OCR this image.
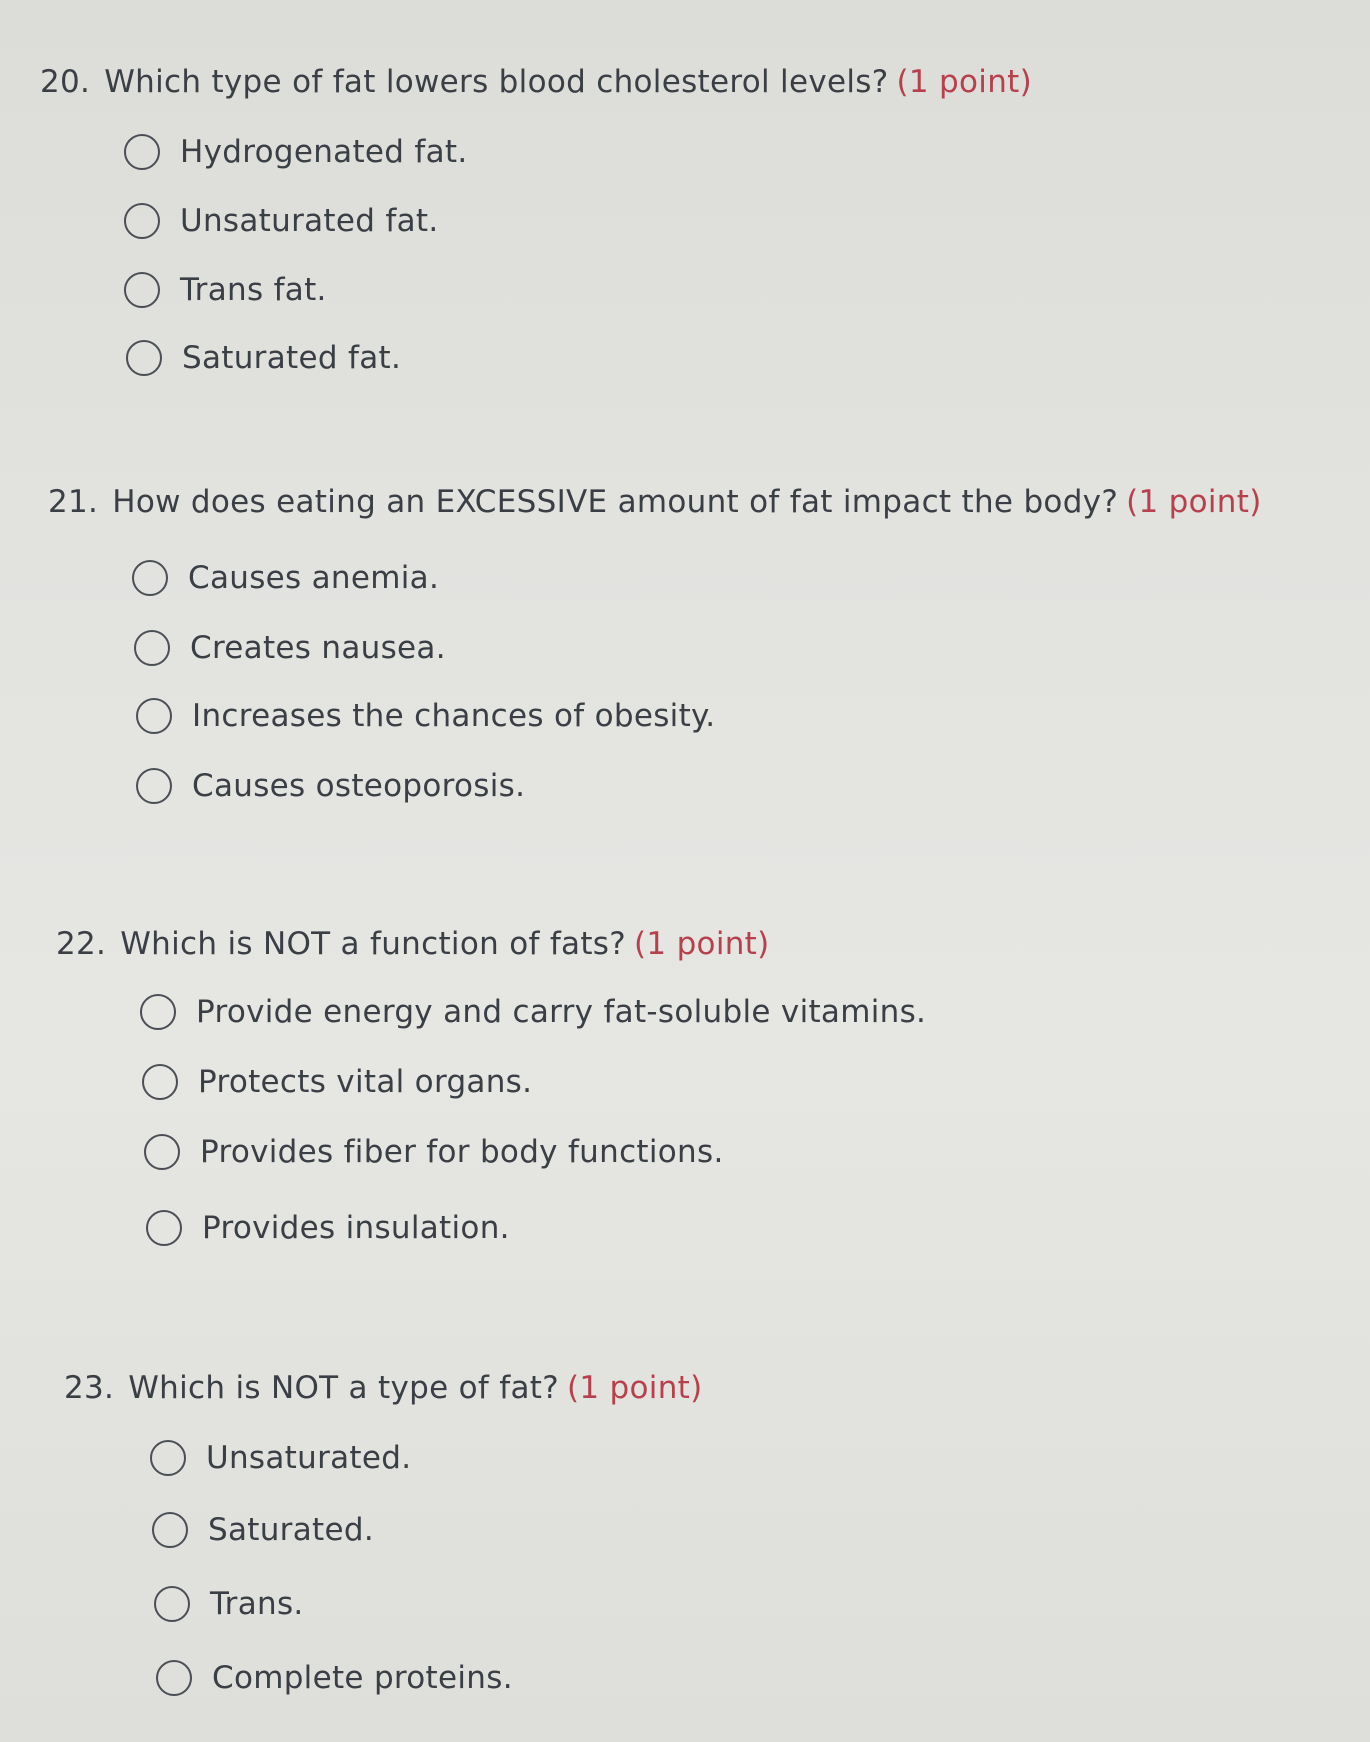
20. Which type of fat lowers blood cholesterol levels? (1 point)
Hydrogenated fat.
Unsaturated fat.
Trans fat.
Saturated fat.
21. How does eating an EXCESSIVE amount of fat impact the body? (1 point)
Causes anemia.
Creates nausea.
Increases the chances of obesity.
Causes osteoporosis.
22. Which is NOT a function of fats? (1 point)
Provide energy and carry fat-soluble vitamins.
Protects vital organs.
Provides fiber for body functions.
Provides insulation.
23. Which is NOT a type of fat? (1 point)
Unsaturated.
Saturated.
Trans.
Complete proteins.
